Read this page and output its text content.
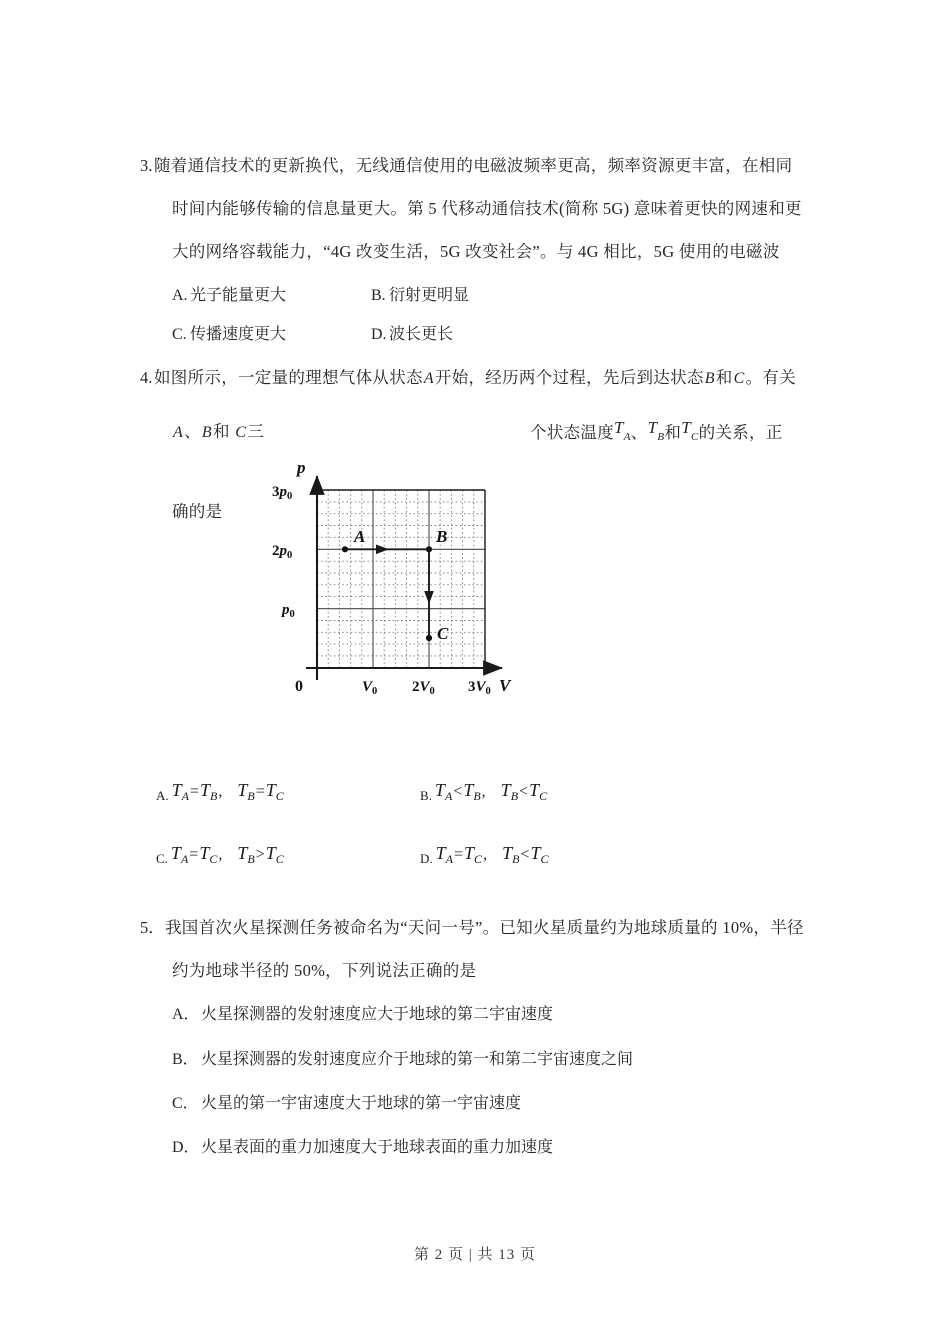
3. 随着通信技术的更新换代，无线通信使用的电磁波频率更高，频率资源更丰富，在相同
时间内能够传输的信息量更大。第 5 代移动通信技术(简称 5G) 意味着更快的网速和更
大的网络容载能力，“4G 改变生活，5G 改变社会”。与 4G 相比，5G 使用的电磁波
A. 光子能量更大	B. 衍射更明显
C. 传播速度更大	D. 波长更长
4. 如图所示，一定量的理想气体从状态A开始，经历两个过程，先后到达状态B和C。有关
A、B和 C三	个状态温度$T_A$、$T_B$和$T_C$的关系，正
确的是
A	B
C
p
V
0
$3p_0$
$2p_0$
$p_0$
$V_0$ $2V_0$ $3V_0$
$_{A.}$ $T_A=T_B$, $T_B=T_C$	$_{B.}$ $T_A<T_B$, $T_B<T_C$
$_{C.}$ $T_A=T_C$, $T_B>T_C$	$_{D.}$ $T_A=T_C$, $T_B<T_C$
5． 我国首次火星探测任务被命名为“天问一号”。已知火星质量约为地球质量的 10%，半径
约为地球半径的 50%，下列说法正确的是
A． 火星探测器的发射速度应大于地球的第二宇宙速度
B． 火星探测器的发射速度应介于地球的第一和第二宇宙速度之间
C． 火星的第一宇宙速度大于地球的第一宇宙速度
D． 火星表面的重力加速度大于地球表面的重力加速度
第 2 页 | 共 13 页
